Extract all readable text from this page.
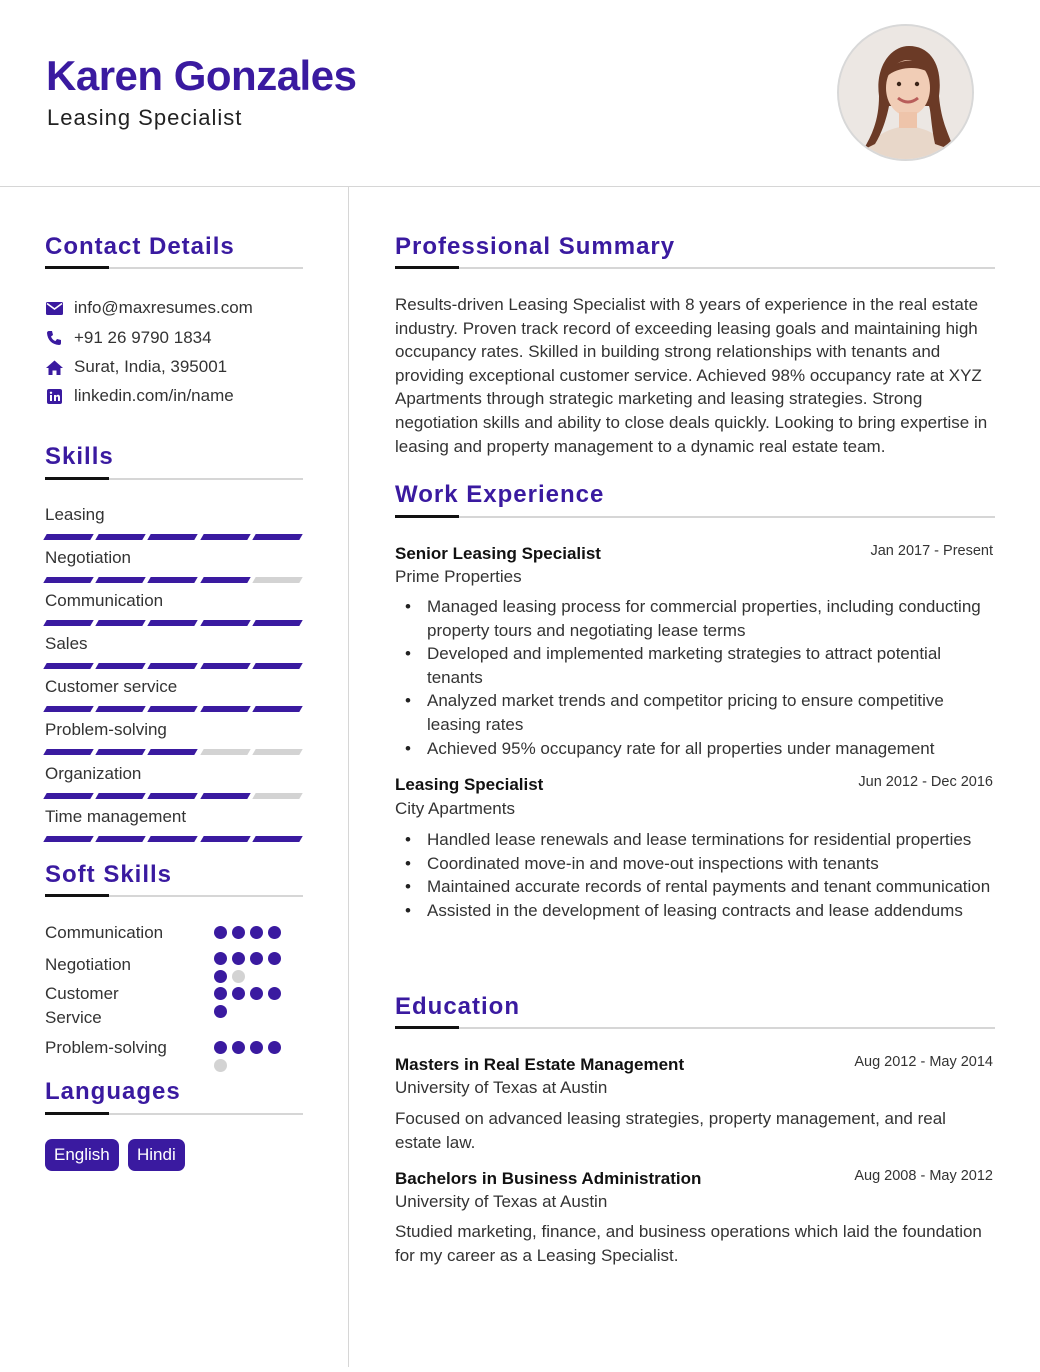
Karen Gonzales
Leasing Specialist
Contact Details
info@maxresumes.com
+91 26 9790 1834
Surat, India, 395001
linkedin.com/in/name
Skills
Leasing
Negotiation
Communication
Sales
Customer service
Problem-solving
Organization
Time management
Soft Skills
Communication
Negotiation
Customer Service
Problem-solving
Languages
English	Hindi
Professional Summary
Results-driven Leasing Specialist with 8 years of experience in the real estate industry. Proven track record of exceeding leasing goals and maintaining high occupancy rates. Skilled in building strong relationships with tenants and providing exceptional customer service. Achieved 98% occupancy rate at XYZ Apartments through strategic marketing and leasing strategies. Strong negotiation skills and ability to close deals quickly. Looking to bring expertise in leasing and property management to a dynamic real estate team.
Work Experience
Senior Leasing Specialist	Jan 2017 - Present
Prime Properties
• Managed leasing process for commercial properties, including conducting property tours and negotiating lease terms
• Developed and implemented marketing strategies to attract potential tenants
• Analyzed market trends and competitor pricing to ensure competitive leasing rates
• Achieved 95% occupancy rate for all properties under management
Leasing Specialist	Jun 2012 - Dec 2016
City Apartments
• Handled lease renewals and lease terminations for residential properties
• Coordinated move-in and move-out inspections with tenants
• Maintained accurate records of rental payments and tenant communication
• Assisted in the development of leasing contracts and lease addendums
Education
Masters in Real Estate Management	Aug 2012 - May 2014
University of Texas at Austin
Focused on advanced leasing strategies, property management, and real estate law.
Bachelors in Business Administration	Aug 2008 - May 2012
University of Texas at Austin
Studied marketing, finance, and business operations which laid the foundation for my career as a Leasing Specialist.
